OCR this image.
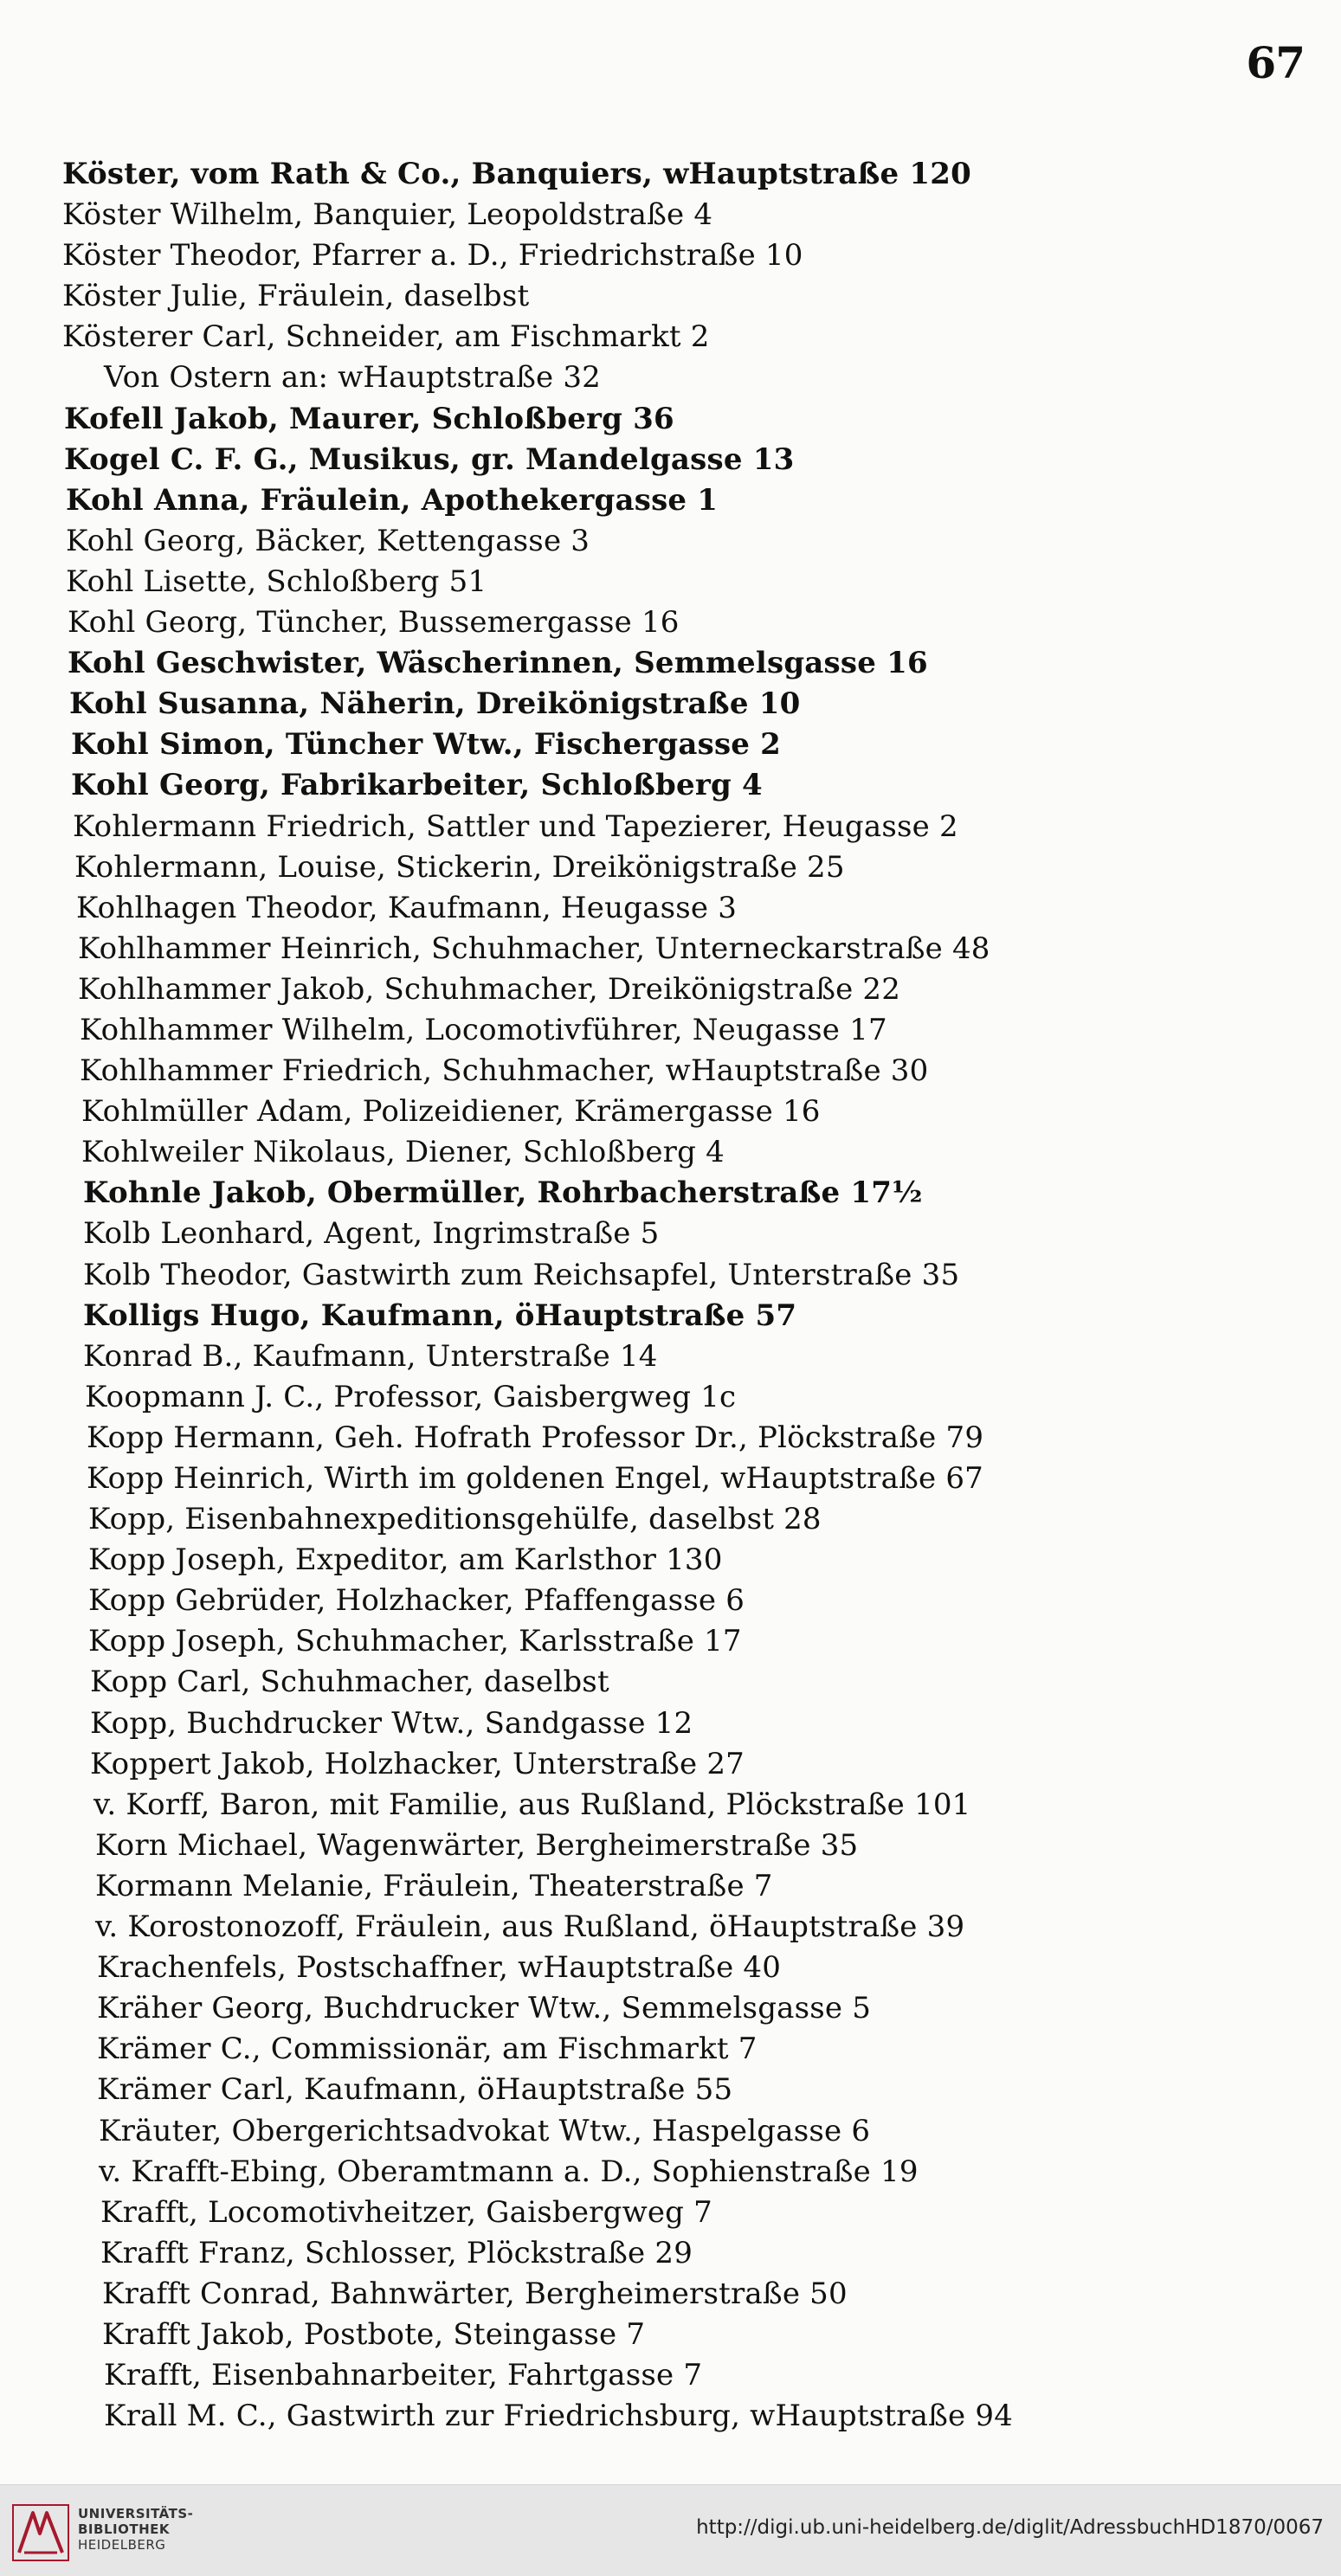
67
Köster, vom Rath & Co., Banquiers, wHauptstraße 120
Köster Wilhelm, Banquier, Leopoldstraße 4
Köster Theodor, Pfarrer a. D., Friedrichstraße 10
Köster Julie, Fräulein, daselbst
Kösterer Carl, Schneider, am Fischmarkt 2
Von Ostern an: wHauptstraße 32
Kofell Jakob, Maurer, Schloßberg 36
Kogel C. F. G., Musikus, gr. Mandelgasse 13
Kohl Anna, Fräulein, Apothekergasse 1
Kohl Georg, Bäcker, Kettengasse 3
Kohl Lisette, Schloßberg 51
Kohl Georg, Tüncher, Bussemergasse 16
Kohl Geschwister, Wäscherinnen, Semmelsgasse 16
Kohl Susanna, Näherin, Dreikönigstraße 10
Kohl Simon, Tüncher Wtw., Fischergasse 2
Kohl Georg, Fabrikarbeiter, Schloßberg 4
Kohlermann Friedrich, Sattler und Tapezierer, Heugasse 2
Kohlermann, Louise, Stickerin, Dreikönigstraße 25
Kohlhagen Theodor, Kaufmann, Heugasse 3
Kohlhammer Heinrich, Schuhmacher, Unterneckarstraße 48
Kohlhammer Jakob, Schuhmacher, Dreikönigstraße 22
Kohlhammer Wilhelm, Locomotivführer, Neugasse 17
Kohlhammer Friedrich, Schuhmacher, wHauptstraße 30
Kohlmüller Adam, Polizeidiener, Krämergasse 16
Kohlweiler Nikolaus, Diener, Schloßberg 4
Kohnle Jakob, Obermüller, Rohrbacherstraße 17½
Kolb Leonhard, Agent, Ingrimstraße 5
Kolb Theodor, Gastwirth zum Reichsapfel, Unterstraße 35
Kolligs Hugo, Kaufmann, öHauptstraße 57
Konrad B., Kaufmann, Unterstraße 14
Koopmann J. C., Professor, Gaisbergweg 1c
Kopp Hermann, Geh. Hofrath Professor Dr., Plöckstraße 79
Kopp Heinrich, Wirth im goldenen Engel, wHauptstraße 67
Kopp, Eisenbahnexpeditionsgehülfe, daselbst 28
Kopp Joseph, Expeditor, am Karlsthor 130
Kopp Gebrüder, Holzhacker, Pfaffengasse 6
Kopp Joseph, Schuhmacher, Karlsstraße 17
Kopp Carl, Schuhmacher, daselbst
Kopp, Buchdrucker Wtw., Sandgasse 12
Koppert Jakob, Holzhacker, Unterstraße 27
v. Korff, Baron, mit Familie, aus Rußland, Plöckstraße 101
Korn Michael, Wagenwärter, Bergheimerstraße 35
Kormann Melanie, Fräulein, Theaterstraße 7
v. Korostonozoff, Fräulein, aus Rußland, öHauptstraße 39
Krachenfels, Postschaffner, wHauptstraße 40
Kräher Georg, Buchdrucker Wtw., Semmelsgasse 5
Krämer C., Commissionär, am Fischmarkt 7
Krämer Carl, Kaufmann, öHauptstraße 55
Kräuter, Obergerichtsadvokat Wtw., Haspelgasse 6
v. Krafft-Ebing, Oberamtmann a. D., Sophienstraße 19
Krafft, Locomotivheitzer, Gaisbergweg 7
Krafft Franz, Schlosser, Plöckstraße 29
Krafft Conrad, Bahnwärter, Bergheimerstraße 50
Krafft Jakob, Postbote, Steingasse 7
Krafft, Eisenbahnarbeiter, Fahrtgasse 7
Krall M. C., Gastwirth zur Friedrichsburg, wHauptstraße 94
UNIVERSITÄTS-
BIBLIOTHEK
HEIDELBERG
http://digi.ub.uni-heidelberg.de/diglit/AdressbuchHD1870/0067
